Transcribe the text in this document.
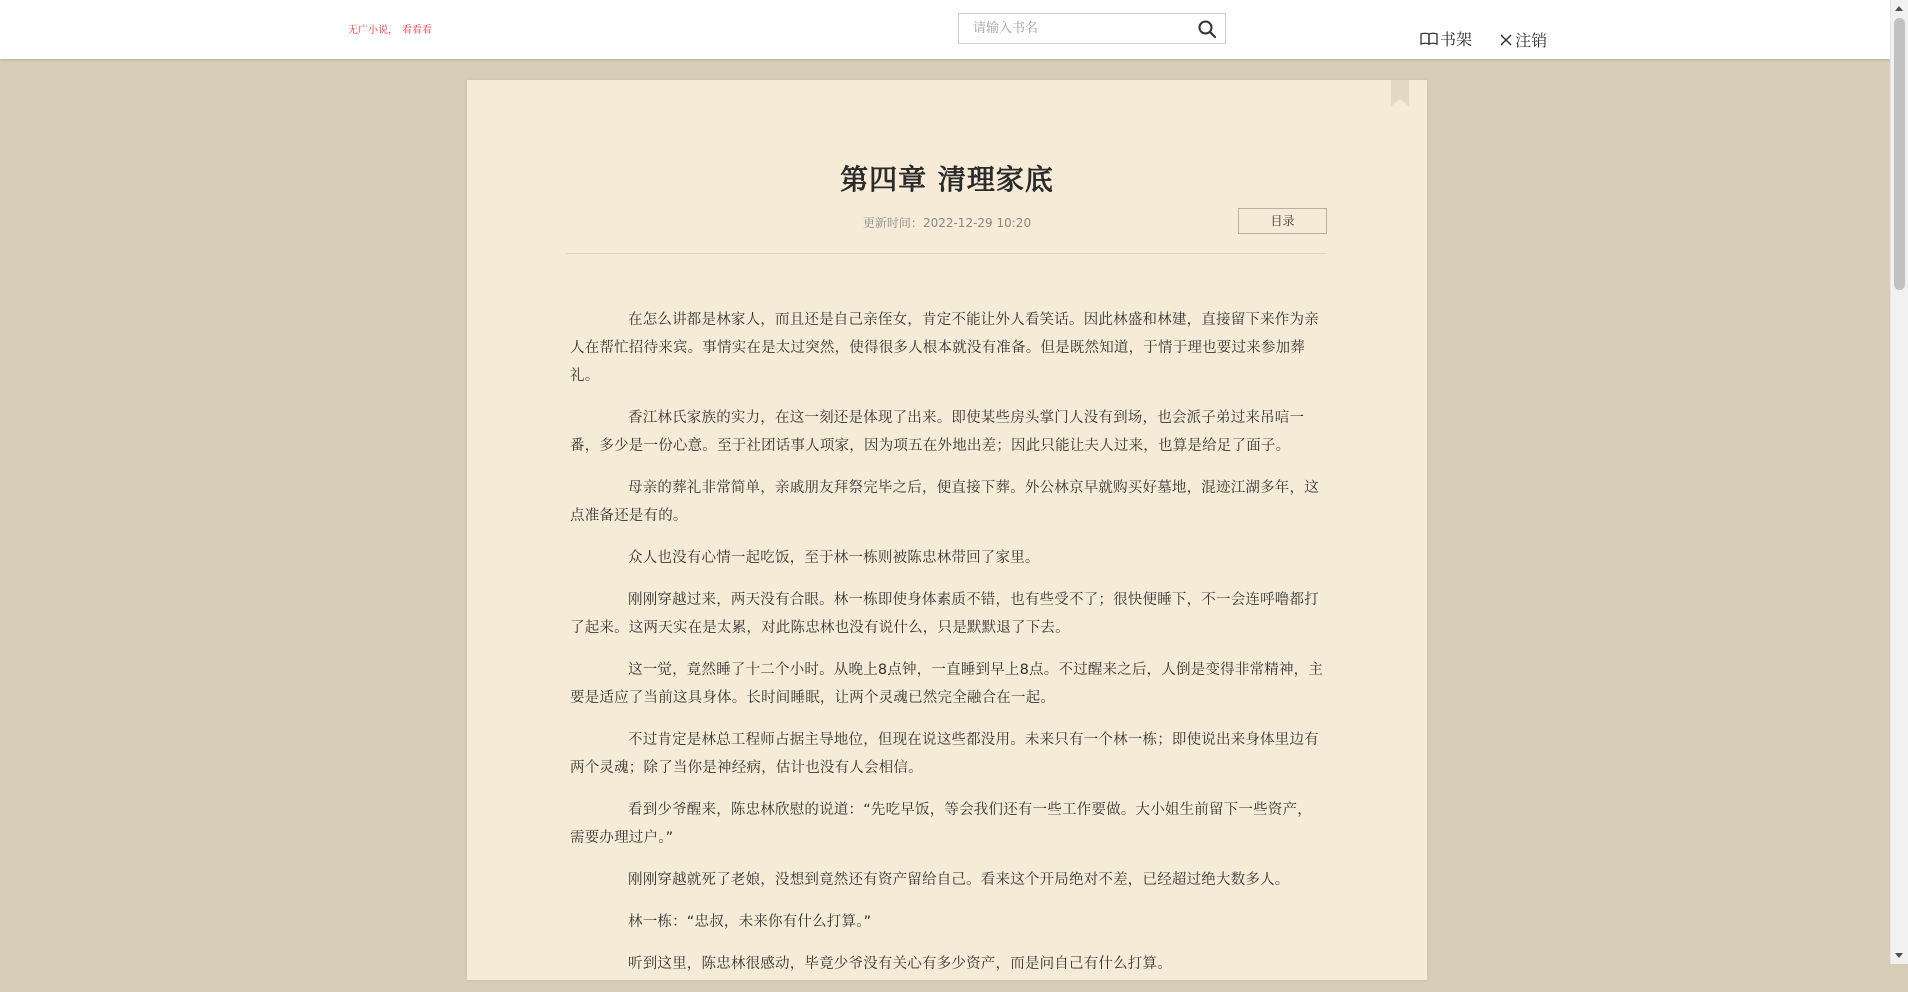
无广小说， 看看看
请输入书名	书架
	注销
第四章 清理家底
更新时间：2022-12-29 10:20	目录

在怎么讲都是林家人，而且还是自己亲侄女，肯定不能让外人看笑话。因此林盛和林建，直接留下来作为亲人在帮忙招待来宾。事情实在是太过突然，使得很多人根本就没有准备。但是既然知道，于情于理也要过来参加葬礼。

香江林氏家族的实力，在这一刻还是体现了出来。即使某些房头掌门人没有到场，也会派子弟过来吊唁一番，多少是一份心意。至于社团话事人项家，因为项五在外地出差；因此只能让夫人过来，也算是给足了面子。

母亲的葬礼非常简单，亲戚朋友拜祭完毕之后，便直接下葬。外公林京早就购买好墓地，混迹江湖多年，这点准备还是有的。

众人也没有心情一起吃饭，至于林一栋则被陈忠林带回了家里。

刚刚穿越过来，两天没有合眼。林一栋即使身体素质不错，也有些受不了；很快便睡下，不一会连呼噜都打了起来。这两天实在是太累，对此陈忠林也没有说什么，只是默默退了下去。

这一觉，竟然睡了十二个小时。从晚上8点钟，一直睡到早上8点。不过醒来之后，人倒是变得非常精神，主要是适应了当前这具身体。长时间睡眠，让两个灵魂已然完全融合在一起。

不过肯定是林总工程师占据主导地位，但现在说这些都没用。未来只有一个林一栋；即使说出来身体里边有两个灵魂；除了当你是神经病，估计也没有人会相信。

看到少爷醒来，陈忠林欣慰的说道：“先吃早饭，等会我们还有一些工作要做。大小姐生前留下一些资产，需要办理过户。”

刚刚穿越就死了老娘，没想到竟然还有资产留给自己。看来这个开局绝对不差，已经超过绝大数多人。

林一栋：“忠叔，未来你有什么打算。”

听到这里，陈忠林很感动，毕竟少爷没有关心有多少资产，而是问自己有什么打算。
